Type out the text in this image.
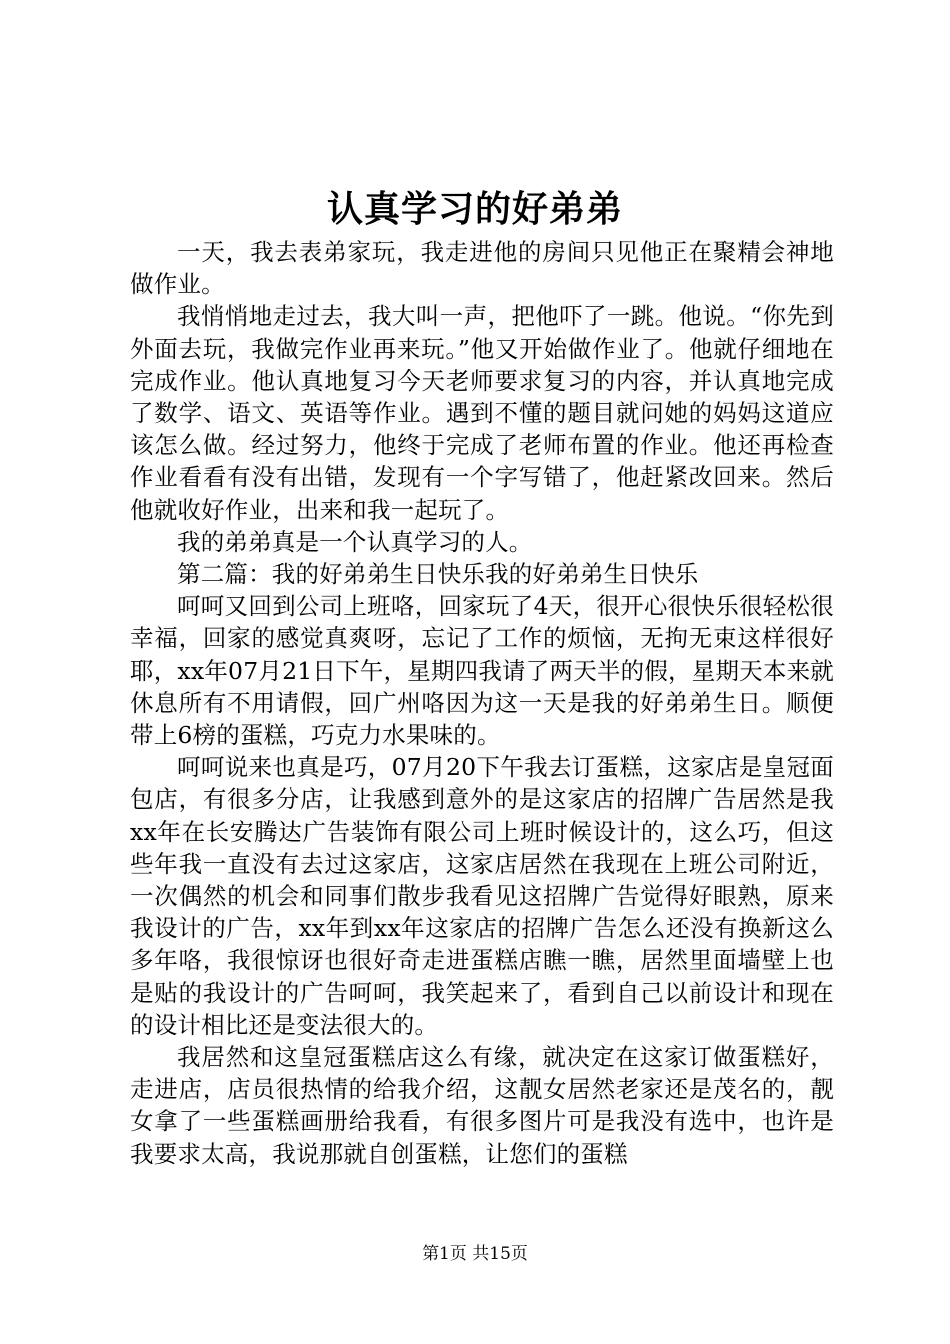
认真学习的好弟弟

一天，我去表弟家玩，我走进他的房间只见他正在聚精会神地做作业。

我悄悄地走过去，我大叫一声，把他吓了一跳。他说。“你先到外面去玩，我做完作业再来玩。”他又开始做作业了。他就仔细地在完成作业。他认真地复习今天老师要求复习的内容，并认真地完成了数学、语文、英语等作业。遇到不懂的题目就问她的妈妈这道应该怎么做。经过努力，他终于完成了老师布置的作业。他还再检查作业看看有没有出错，发现有一个字写错了，他赶紧改回来。然后他就收好作业，出来和我一起玩了。

我的弟弟真是一个认真学习的人。

第二篇：我的好弟弟生日快乐我的好弟弟生日快乐

呵呵又回到公司上班咯，回家玩了4天，很开心很快乐很轻松很幸福，回家的感觉真爽呀，忘记了工作的烦恼，无拘无束这样很好耶，xx年07月21日下午，星期四我请了两天半的假，星期天本来就休息所有不用请假，回广州咯因为这一天是我的好弟弟生日。顺便带上6榜的蛋糕，巧克力水果味的。

呵呵说来也真是巧，07月20下午我去订蛋糕，这家店是皇冠面包店，有很多分店，让我感到意外的是这家店的招牌广告居然是我xx年在长安腾达广告装饰有限公司上班时候设计的，这么巧，但这些年我一直没有去过这家店，这家店居然在我现在上班公司附近，一次偶然的机会和同事们散步我看见这招牌广告觉得好眼熟，原来我设计的广告，xx年到xx年这家店的招牌广告怎么还没有换新这么多年咯，我很惊讶也很好奇走进蛋糕店瞧一瞧，居然里面墙壁上也是贴的我设计的广告呵呵，我笑起来了，看到自己以前设计和现在的设计相比还是变法很大的。

我居然和这皇冠蛋糕店这么有缘，就决定在这家订做蛋糕好，走进店，店员很热情的给我介绍，这靓女居然老家还是茂名的，靓女拿了一些蛋糕画册给我看，有很多图片可是我没有选中，也许是我要求太高，我说那就自创蛋糕，让您们的蛋糕

第1页 共15页
